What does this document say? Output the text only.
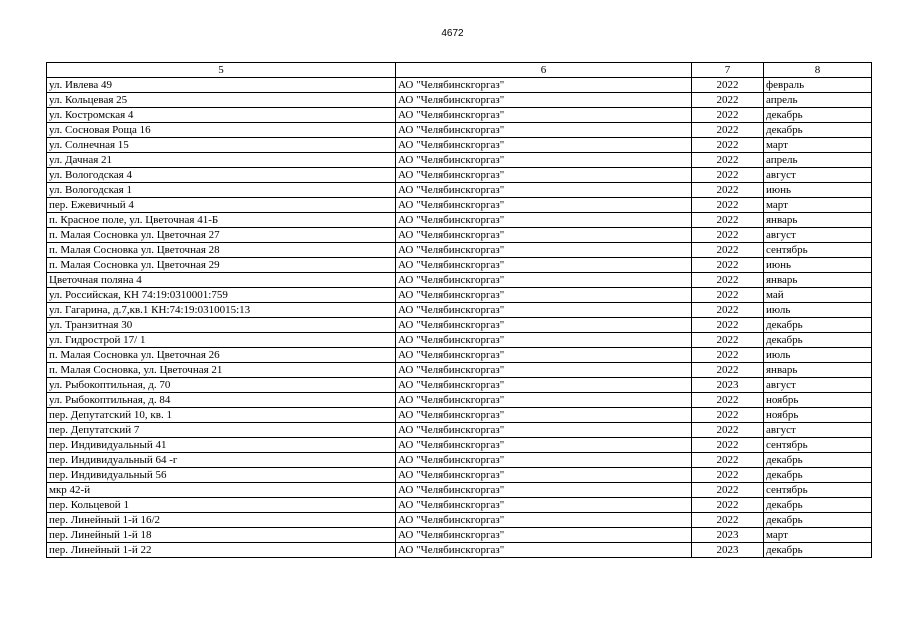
4672
5	6	7	8
ул. Ивлева 49	АО "Челябинскгоргаз"	2022	февраль
ул. Кольцевая 25	АО "Челябинскгоргаз"	2022	апрель
ул. Костромская 4	АО "Челябинскгоргаз"	2022	декабрь
ул. Сосновая Роща 16	АО "Челябинскгоргаз"	2022	декабрь
ул. Солнечная 15	АО "Челябинскгоргаз"	2022	март
ул. Дачная 21	АО "Челябинскгоргаз"	2022	апрель
ул. Вологодская 4	АО "Челябинскгоргаз"	2022	август
ул. Вологодская 1	АО "Челябинскгоргаз"	2022	июнь
пер. Ежевичный 4	АО "Челябинскгоргаз"	2022	март
п. Красное поле, ул. Цветочная 41-Б	АО "Челябинскгоргаз"	2022	январь
п. Малая Сосновка ул. Цветочная 27	АО "Челябинскгоргаз"	2022	август
п. Малая Сосновка ул. Цветочная 28	АО "Челябинскгоргаз"	2022	сентябрь
п. Малая Сосновка ул. Цветочная 29	АО "Челябинскгоргаз"	2022	июнь
Цветочная поляна 4	АО "Челябинскгоргаз"	2022	январь
ул. Российская, КН 74:19:0310001:759	АО "Челябинскгоргаз"	2022	май
ул. Гагарина, д.7,кв.1 КН:74:19:0310015:13	АО "Челябинскгоргаз"	2022	июль
ул. Транзитная 30	АО "Челябинскгоргаз"	2022	декабрь
ул. Гидрострой 17/ 1	АО "Челябинскгоргаз"	2022	декабрь
п. Малая Сосновка ул. Цветочная 26	АО "Челябинскгоргаз"	2022	июль
п. Малая Сосновка, ул. Цветочная 21	АО "Челябинскгоргаз"	2022	январь
ул. Рыбокоптильная, д. 70	АО "Челябинскгоргаз"	2023	август
ул. Рыбокоптильная, д. 84	АО "Челябинскгоргаз"	2022	ноябрь
пер. Депутатский 10, кв. 1	АО "Челябинскгоргаз"	2022	ноябрь
пер. Депутатский 7	АО "Челябинскгоргаз"	2022	август
пер. Индивидуальный 41	АО "Челябинскгоргаз"	2022	сентябрь
пер. Индивидуальный 64 -г	АО "Челябинскгоргаз"	2022	декабрь
пер. Индивидуальный 56	АО "Челябинскгоргаз"	2022	декабрь
мкр 42-й	АО "Челябинскгоргаз"	2022	сентябрь
пер. Кольцевой 1	АО "Челябинскгоргаз"	2022	декабрь
пер. Линейный 1-й 16/2	АО "Челябинскгоргаз"	2022	декабрь
пер. Линейный 1-й 18	АО "Челябинскгоргаз"	2023	март
пер. Линейный 1-й 22	АО "Челябинскгоргаз"	2023	декабрь
